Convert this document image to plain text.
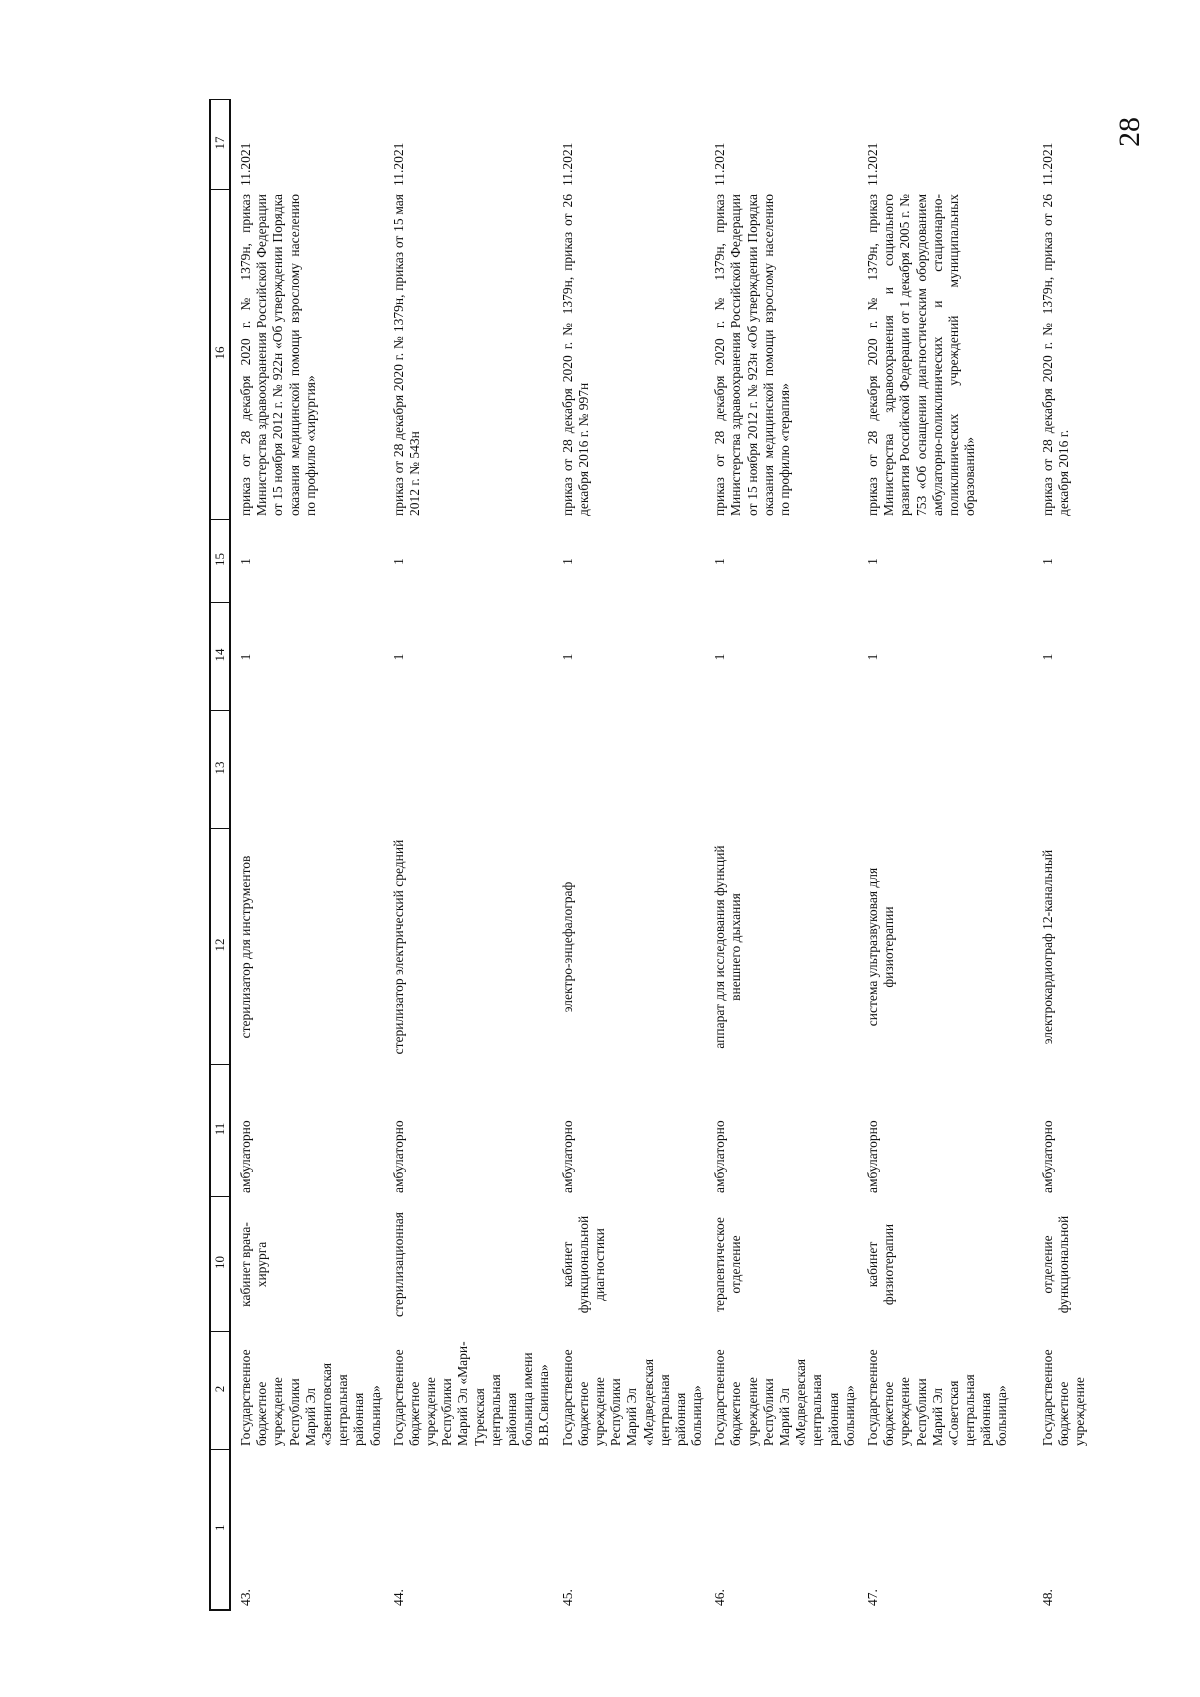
28
1	2	10	11	12	13	14	15	16	17
43.	Государственное бюджетное учреждение Республики Марий Эл «Звениговская центральная районная больница»	кабинет врача-хирурга	амбулаторно	стерилизатор для инструментов		1	1	приказ от 28 декабря 2020 г. № 1379н, приказ Министерства здравоохранения Российской Федерации от 15 ноября 2012 г. № 922н «Об утверждении Порядка оказания медицинской помощи взрослому населению по профилю «хирургия»	11.2021
44.	Государственное бюджетное учреждение Республики Марий Эл «Мари-Турекская центральная районная больница имени В.В.Свинина»	стерилизационная	амбулаторно	стерилизатор электрический средний		1	1	приказ от 28 декабря 2020 г. № 1379н, приказ от 15 мая 2012 г. № 543н	11.2021
45.	Государственное бюджетное учреждение Республики Марий Эл «Медведевская центральная районная больница»	кабинет функциональной диагностики	амбулаторно	электро-энцефалограф		1	1	приказ от 28 декабря 2020 г. № 1379н, приказ от 26 декабря 2016 г. № 997н	11.2021
46.	Государственное бюджетное учреждение Республики Марий Эл «Медведевская центральная районная больница»	терапевтическое отделение	амбулаторно	аппарат для исследования функций внешнего дыхания		1	1	приказ от 28 декабря 2020 г. № 1379н, приказ Министерства здравоохранения Российской Федерации от 15 ноября 2012 г. № 923н «Об утверждении Порядка оказания медицинской помощи взрослому населению по профилю «терапия»	11.2021
47.	Государственное бюджетное учреждение Республики Марий Эл «Советская центральная районная больница»	кабинет физиотерапии	амбулаторно	система ультразвуковая для физиотерапии		1	1	приказ от 28 декабря 2020 г. № 1379н, приказ Министерства здравоохранения и социального развития Российской Федерации от 1 декабря 2005 г. № 753 «Об оснащении диагностическим оборудованием амбулаторно-поликлинических и стационарно-поликлинических учреждений муниципальных образований»	11.2021
48.	Государственное бюджетное учреждение	отделение функциональной	амбулаторно	электрокардиограф 12-канальный		1	1	приказ от 28 декабря 2020 г. № 1379н, приказ от 26 декабря 2016 г.	11.2021
